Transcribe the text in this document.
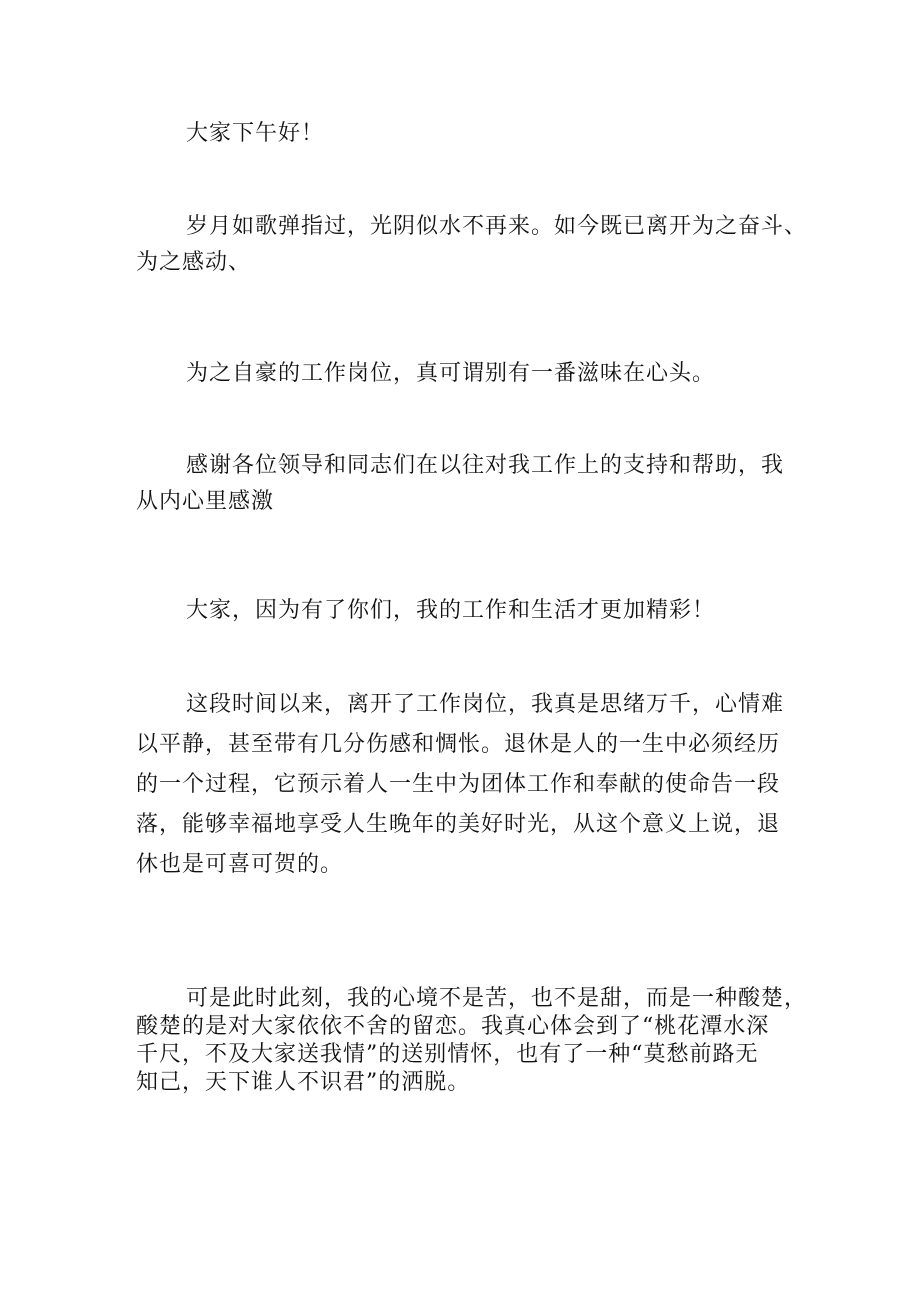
大家下午好！
岁月如歌弹指过，光阴似水不再来。如今既已离开为之奋斗、
为之感动、
为之自豪的工作岗位，真可谓别有一番滋味在心头。
感谢各位领导和同志们在以往对我工作上的支持和帮助，我
从内心里感激
大家，因为有了你们，我的工作和生活才更加精彩！
这段时间以来，离开了工作岗位，我真是思绪万千，心情难
以平静，甚至带有几分伤感和惆怅。退休是人的一生中必须经历
的一个过程，它预示着人一生中为团体工作和奉献的使命告一段
落，能够幸福地享受人生晚年的美好时光，从这个意义上说，退
休也是可喜可贺的。
可是此时此刻，我的心境不是苦，也不是甜，而是一种酸楚，
酸楚的是对大家依依不舍的留恋。我真心体会到了“桃花潭水深
千尺，不及大家送我情”的送别情怀，也有了一种“莫愁前路无
知己，天下谁人不识君”的洒脱。
